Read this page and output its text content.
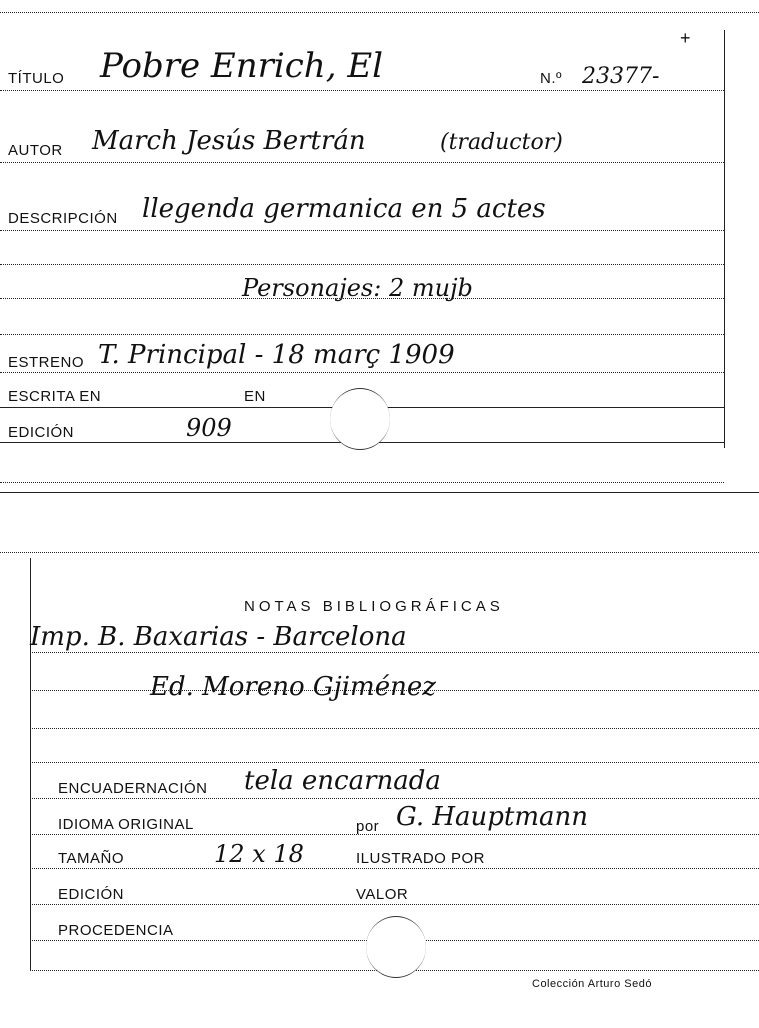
+
TÍTULO Pobre Enrich, El	N.º 23377-
AUTOR March Jesús Bertrán	(traductor)
DESCRIPCIÓN llegenda germanica en 5 actes
Personajes: 2 mujb
ESTRENO T. Principal - 18 març 1909
ESCRITA EN	EN
EDICIÓN	909
NOTAS BIBLIOGRÁFICAS
Imp. B. Baxarias - Barcelona
Ed. Moreno Gjiménez
ENCUADERNACIÓN tela encarnada
IDIOMA ORIGINAL	por G. Hauptmann
TAMAÑO	12 x 18	ILUSTRADO POR
EDICIÓN	VALOR
PROCEDENCIA
Colección Arturo Sedó
